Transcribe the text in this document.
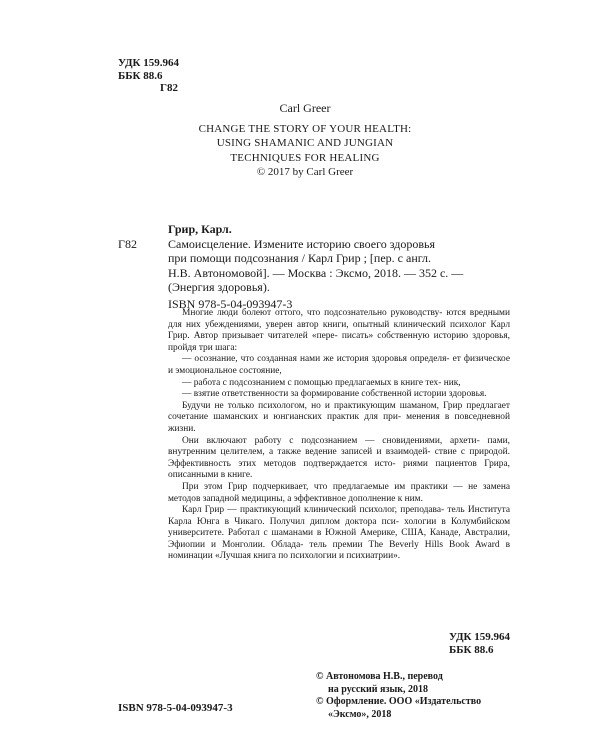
УДК 159.964
ББК 88.6
Г82
Carl Greer
CHANGE THE STORY OF YOUR HEALTH:
USING SHAMANIC AND JUNGIAN
TECHNIQUES FOR HEALING
© 2017 by Carl Greer
Грир, Карл.
Г82	Самоисцеление. Измените историю своего здоровья
при помощи подсознания / Карл Грир ; [пер. с англ.
Н.В. Автономовой]. — Москва : Эксмо, 2018. — 352 с. —
(Энергия здоровья).
ISBN 978-5-04-093947-3

Многие люди болеют оттого, что подсознательно руководству- ются вредными для них убеждениями, уверен автор книги, опытный клинический психолог Карл Грир. Автор призывает читателей «пере- писать» собственную историю здоровья, пройдя три шага:

— осознание, что созданная нами же история здоровья определя- ет физическое и эмоциональное состояние,

— работа с подсознанием с помощью предлагаемых в книге тех- ник,

— взятие ответственности за формирование собственной истории здоровья.

Будучи не только психологом, но и практикующим шаманом, Грир предлагает сочетание шаманских и юнгианских практик для при- менения в повседневной жизни.

Они включают работу с подсознанием — сновидениями, архети- пами, внутренним целителем, а также ведение записей и взаимодей- ствие с природой. Эффективность этих методов подтверждается исто- риями пациентов Грира, описанными в книге.

При этом Грир подчеркивает, что предлагаемые им практики — не замена методов западной медицины, а эффективное дополнение к ним.

Карл Грир — практикующий клинический психолог, преподава- тель Института Карла Юнга в Чикаго. Получил диплом доктора пси- хологии в Колумбийском университете. Работал с шаманами в Южной Америке, США, Канаде, Австралии, Эфиопии и Монголии. Облада- тель премии The Beverly Hills Book Award в номинации «Лучшая книга по психологии и психиатрии».

УДК 159.964
ББК 88.6
© Автономова Н.В., перевод
на русский язык, 2018
© Оформление. ООО «Издательство
«Эксмо», 2018
ISBN 978-5-04-093947-3
